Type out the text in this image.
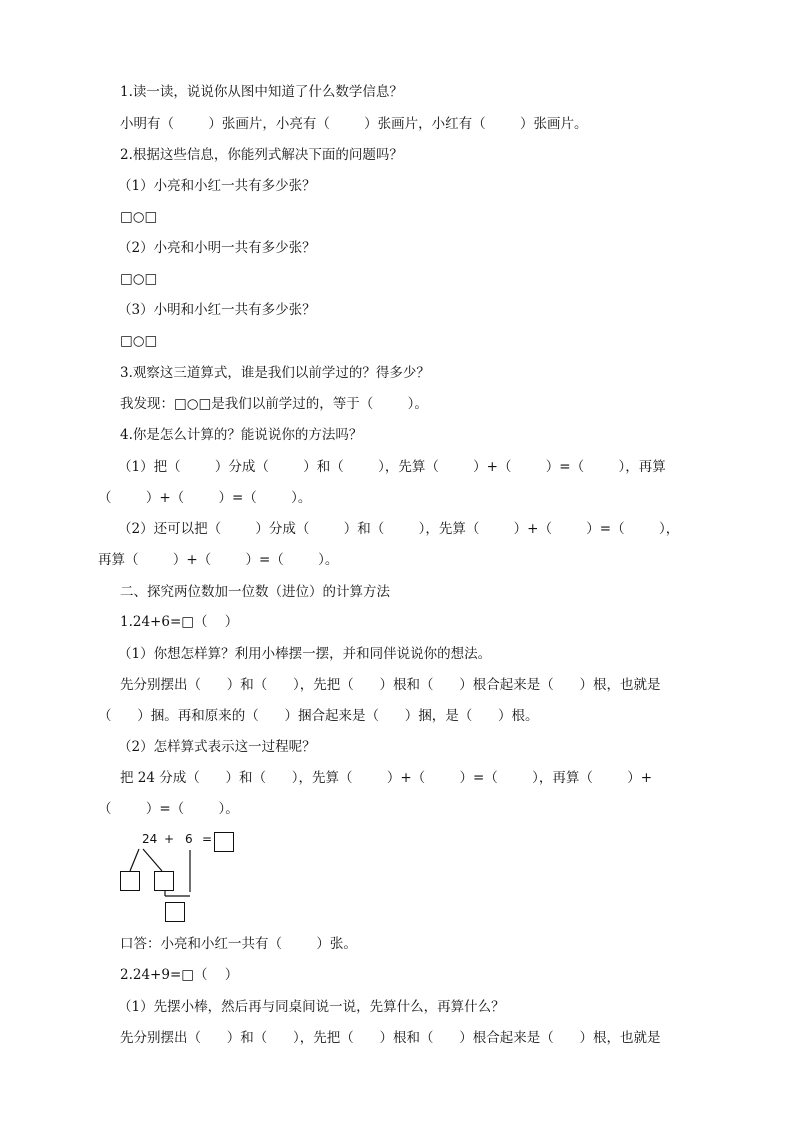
1.读一读，说说你从图中知道了什么数学信息？
小明有（        ）张画片，小亮有（        ）张画片，小红有（        ）张画片。
2.根据这些信息，你能列式解决下面的问题吗？
（1）小亮和小红一共有多少张？
□○□
（2）小亮和小明一共有多少张？
□○□
（3）小明和小红一共有多少张？
□○□
3.观察这三道算式，谁是我们以前学过的？得多少？
我发现：□○□是我们以前学过的，等于（        ）。
4.你是怎么计算的？能说说你的方法吗？
（1）把（        ）分成（        ）和（        ），先算（        ）+（        ）=（        ），再算
（        ）+（        ）=（        ）。
（2）还可以把（        ）分成（        ）和（        ），先算（        ）+（        ）=（        ），
再算（        ）+（        ）=（        ）。
二、探究两位数加一位数（进位）的计算方法
1.24+6=□（    ）
（1）你想怎样算？利用小棒摆一摆，并和同伴说说你的想法。
先分别摆出（      ）和（      ），先把（      ）根和（      ）根合起来是（      ）根，也就是
（      ）捆。再和原来的（      ）捆合起来是（      ）捆，是（      ）根。
（2）怎样算式表示这一过程呢？
把 24 分成（      ）和（      ），先算（        ）+（        ）=（        ），再算（        ）+
（        ）=（        ）。
24 + 6 =
口答：小亮和小红一共有（        ）张。
2.24+9=□（    ）
（1）先摆小棒，然后再与同桌间说一说，先算什么，再算什么？
先分别摆出（      ）和（      ），先把（      ）根和（      ）根合起来是（      ）根，也就是
